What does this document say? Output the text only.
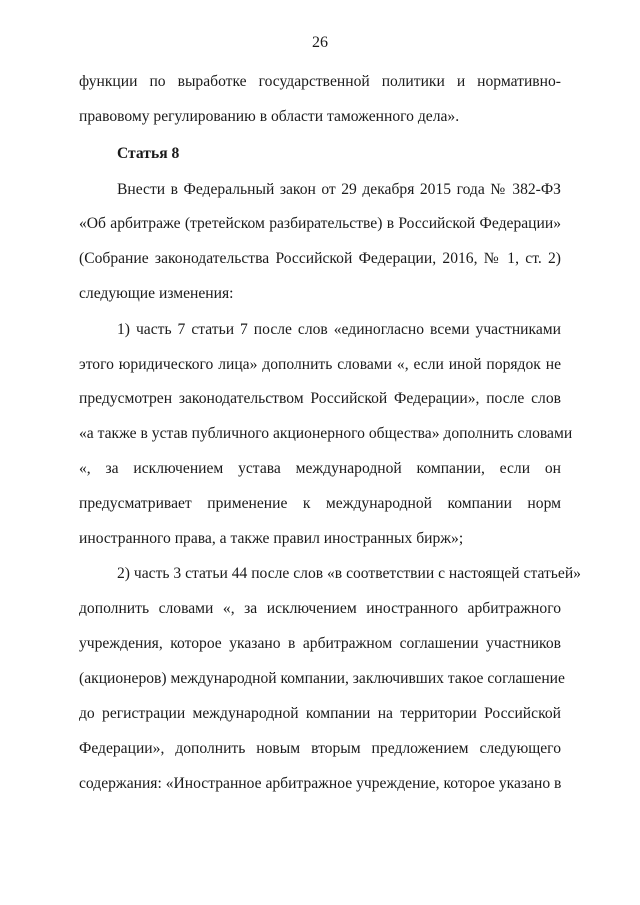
26
функции по выработке государственной политики и нормативно-
правовому регулированию в области таможенного дела».
Статья 8
Внести в Федеральный закон от 29 декабря 2015 года № 382-ФЗ
«Об арбитраже (третейском разбирательстве) в Российской Федерации»
(Собрание законодательства Российской Федерации, 2016, № 1, ст. 2)
следующие изменения:
1) часть 7 статьи 7 после слов «единогласно всеми участниками
этого юридического лица» дополнить словами «, если иной порядок не
предусмотрен законодательством Российской Федерации», после слов
«а также в устав публичного акционерного общества» дополнить словами
«, за исключением устава международной компании, если он
предусматривает применение к международной компании норм
иностранного права, а также правил иностранных бирж»;
2) часть 3 статьи 44 после слов «в соответствии с настоящей статьей»
дополнить словами «, за исключением иностранного арбитражного
учреждения, которое указано в арбитражном соглашении участников
(акционеров) международной компании, заключивших такое соглашение
до регистрации международной компании на территории Российской
Федерации», дополнить новым вторым предложением следующего
содержания: «Иностранное арбитражное учреждение, которое указано в
